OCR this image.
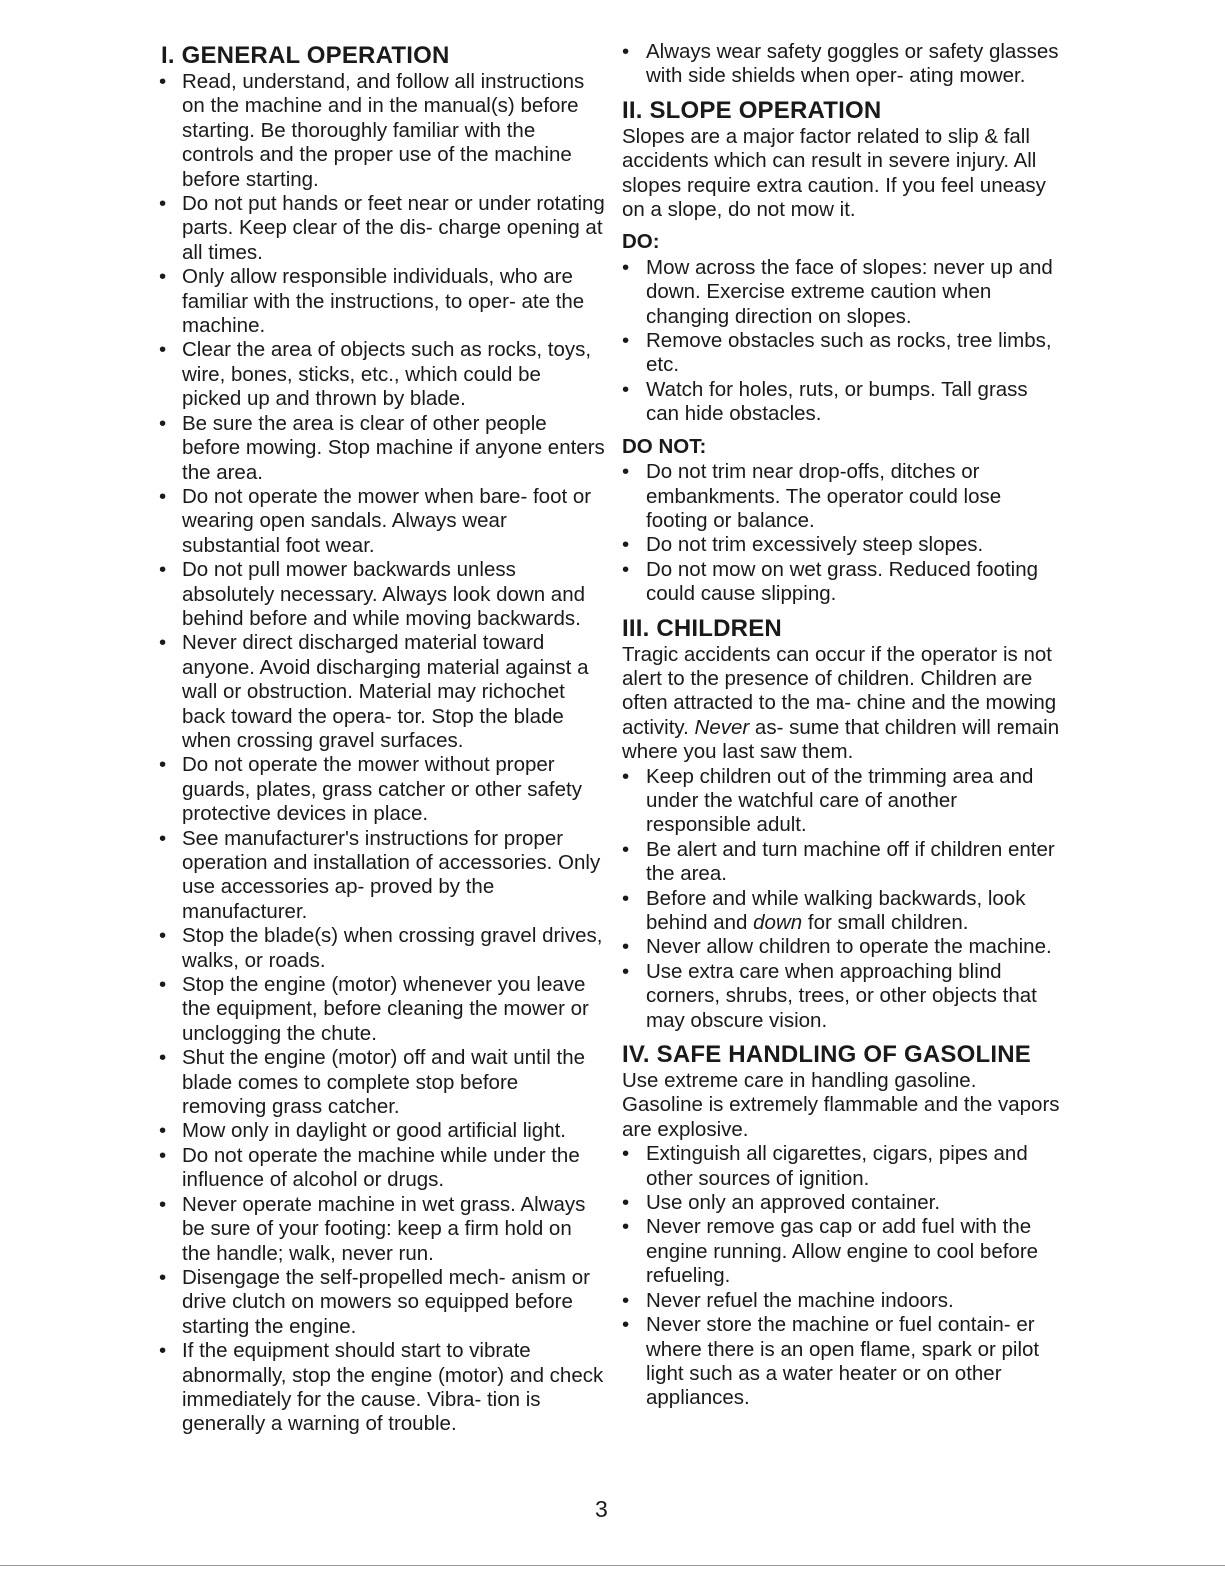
I. GENERAL OPERATION
• Read, understand, and follow all instructions on the machine and in the manual(s) before starting. Be thoroughly familiar with the controls and the proper use of the machine before starting.
• Do not put hands or feet near or under rotating parts. Keep clear of the dis- charge opening at all times.
• Only allow responsible individuals, who are familiar with the instructions, to oper- ate the machine.
• Clear the area of objects such as rocks, toys, wire, bones, sticks, etc., which could be picked up and thrown by blade.
• Be sure the area is clear of other people before mowing. Stop machine if anyone enters the area.
• Do not operate the mower when bare- foot or wearing open sandals. Always wear substantial foot wear.
• Do not pull mower backwards unless absolutely necessary. Always look down and behind before and while moving backwards.
• Never direct discharged material toward anyone. Avoid discharging material against a wall or obstruction. Material may richochet back toward the opera- tor. Stop the blade when crossing gravel surfaces.
• Do not operate the mower without proper guards, plates, grass catcher or other safety protective devices in place.
• See manufacturer's instructions for proper operation and installation of accessories. Only use accessories ap- proved by the manufacturer.
• Stop the blade(s) when crossing gravel drives, walks, or roads.
• Stop the engine (motor) whenever you leave the equipment, before cleaning the mower or unclogging the chute.
• Shut the engine (motor) off and wait until the blade comes to complete stop before removing grass catcher.
• Mow only in daylight or good artificial light.
• Do not operate the machine while under the influence of alcohol or drugs.
• Never operate machine in wet grass. Always be sure of your footing: keep a firm hold on the handle; walk, never run.
• Disengage the self-propelled mech- anism or drive clutch on mowers so equipped before starting the engine.
• If the equipment should start to vibrate abnormally, stop the engine (motor) and check immediately for the cause. Vibra- tion is generally a warning of trouble.
• Always wear safety goggles or safety glasses with side shields when oper- ating mower.
II. SLOPE OPERATION

Slopes are a major factor related to slip & fall accidents which can result in severe injury. All slopes require extra caution. If you feel uneasy on a slope, do not mow it.

DO:

• Mow across the face of slopes: never up and down. Exercise extreme caution when changing direction on slopes.
• Remove obstacles such as rocks, tree limbs, etc.
• Watch for holes, ruts, or bumps. Tall grass can hide obstacles.

DO NOT:

• Do not trim near drop-offs, ditches or embankments. The operator could lose footing or balance.
• Do not trim excessively steep slopes.
• Do not mow on wet grass. Reduced footing could cause slipping.
III. CHILDREN

Tragic accidents can occur if the operator is not alert to the presence of children. Children are often attracted to the ma- chine and the mowing activity. Never as- sume that children will remain where you last saw them.

• Keep children out of the trimming area and under the watchful care of another responsible adult.
• Be alert and turn machine off if children enter the area.
• Before and while walking backwards, look behind and down for small children.
• Never allow children to operate the machine.
• Use extra care when approaching blind corners, shrubs, trees, or other objects that may obscure vision.
IV. SAFE HANDLING OF GASOLINE

Use extreme care in handling gasoline. Gasoline is extremely flammable and the vapors are explosive.

• Extinguish all cigarettes, cigars, pipes and other sources of ignition.
• Use only an approved container.
• Never remove gas cap or add fuel with the engine running. Allow engine to cool before refueling.
• Never refuel the machine indoors.
• Never store the machine or fuel contain- er where there is an open flame, spark or pilot light such as a water heater or on other appliances.
3
